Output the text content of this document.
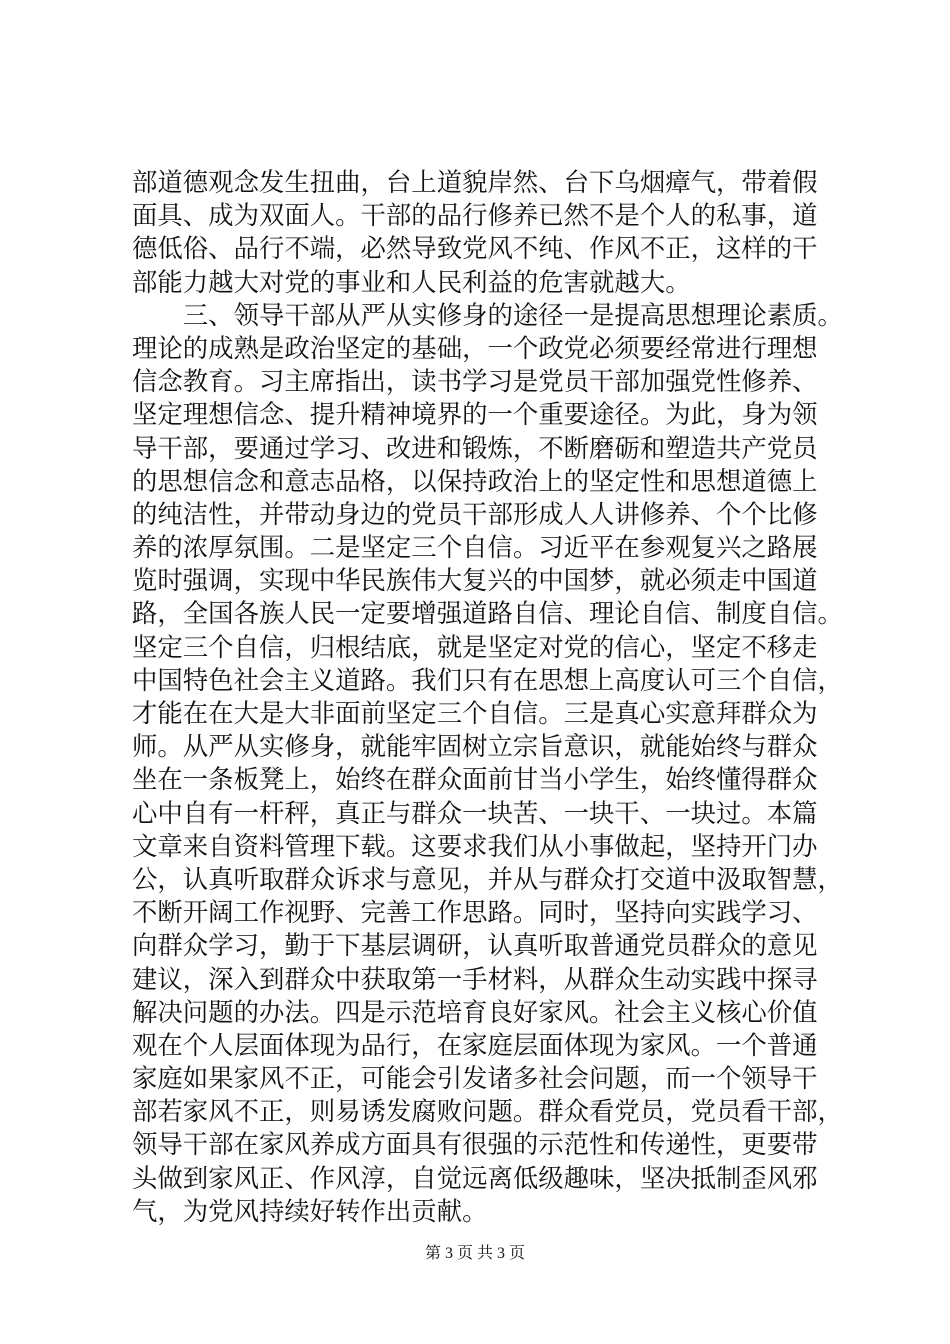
部道德观念发生扭曲，台上道貌岸然、台下乌烟瘴气，带着假
面具、成为双面人。干部的品行修养已然不是个人的私事，道
德低俗、品行不端，必然导致党风不纯、作风不正，这样的干
部能力越大对党的事业和人民利益的危害就越大。
　　三、领导干部从严从实修身的途径一是提高思想理论素质。
理论的成熟是政治坚定的基础，一个政党必须要经常进行理想
信念教育。习主席指出，读书学习是党员干部加强党性修养、
坚定理想信念、提升精神境界的一个重要途径。为此，身为领
导干部，要通过学习、改进和锻炼，不断磨砺和塑造共产党员
的思想信念和意志品格，以保持政治上的坚定性和思想道德上
的纯洁性，并带动身边的党员干部形成人人讲修养、个个比修
养的浓厚氛围。二是坚定三个自信。习近平在参观复兴之路展
览时强调，实现中华民族伟大复兴的中国梦，就必须走中国道
路，全国各族人民一定要增强道路自信、理论自信、制度自信。
坚定三个自信，归根结底，就是坚定对党的信心，坚定不移走
中国特色社会主义道路。我们只有在思想上高度认可三个自信，
才能在在大是大非面前坚定三个自信。三是真心实意拜群众为
师。从严从实修身，就能牢固树立宗旨意识，就能始终与群众
坐在一条板凳上，始终在群众面前甘当小学生，始终懂得群众
心中自有一杆秤，真正与群众一块苦、一块干、一块过。本篇
文章来自资料管理下载。这要求我们从小事做起，坚持开门办
公，认真听取群众诉求与意见，并从与群众打交道中汲取智慧，
不断开阔工作视野、完善工作思路。同时，坚持向实践学习、
向群众学习，勤于下基层调研，认真听取普通党员群众的意见
建议，深入到群众中获取第一手材料，从群众生动实践中探寻
解决问题的办法。四是示范培育良好家风。社会主义核心价值
观在个人层面体现为品行，在家庭层面体现为家风。一个普通
家庭如果家风不正，可能会引发诸多社会问题，而一个领导干
部若家风不正，则易诱发腐败问题。群众看党员，党员看干部，
领导干部在家风养成方面具有很强的示范性和传递性，更要带
头做到家风正、作风淳，自觉远离低级趣味，坚决抵制歪风邪
气，为党风持续好转作出贡献。
第 3 页 共 3 页
